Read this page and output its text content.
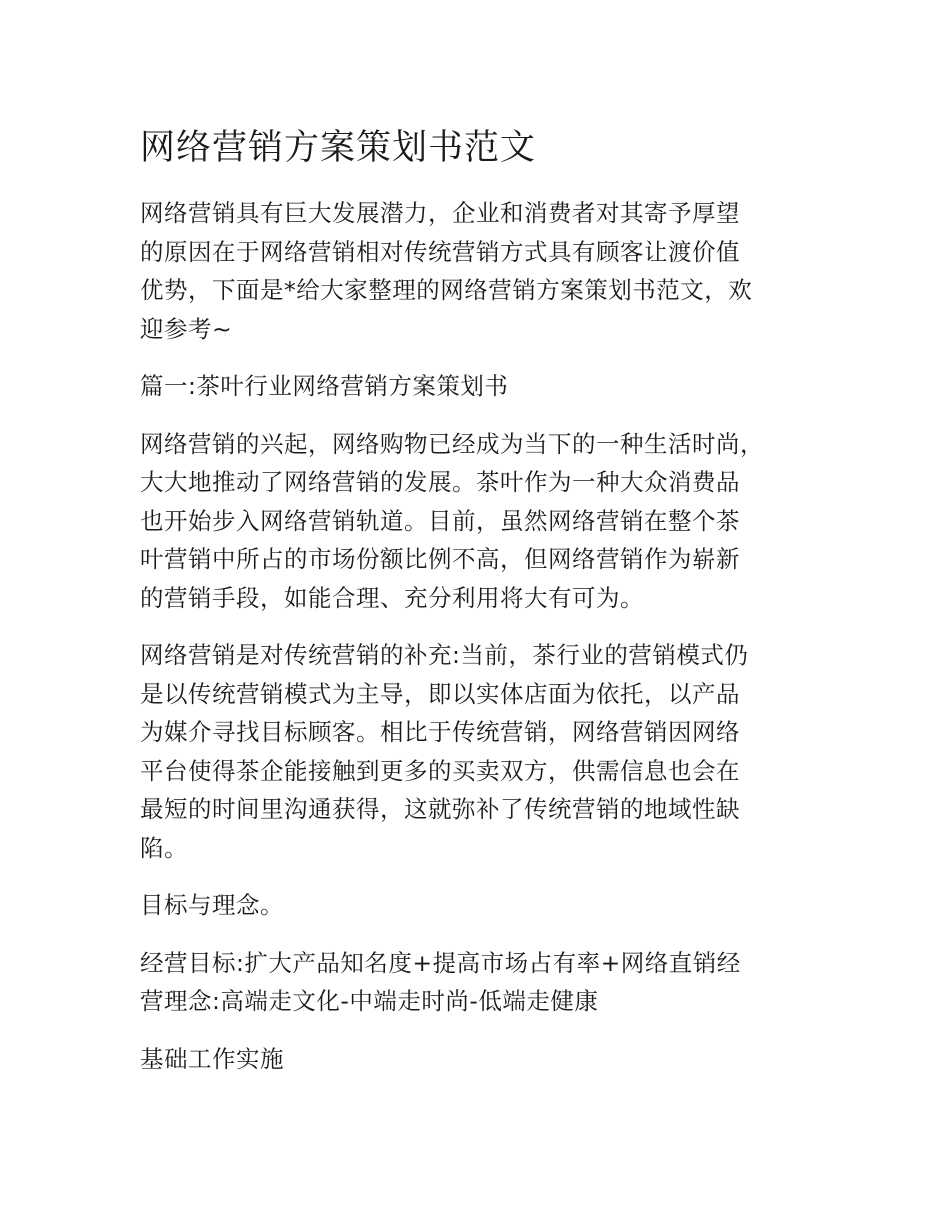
网络营销方案策划书范文

网络营销具有巨大发展潜力，企业和消费者对其寄予厚望
的原因在于网络营销相对传统营销方式具有顾客让渡价值
优势，下面是*给大家整理的网络营销方案策划书范文，欢
迎参考~

篇一:茶叶行业网络营销方案策划书

网络营销的兴起，网络购物已经成为当下的一种生活时尚，
大大地推动了网络营销的发展。茶叶作为一种大众消费品
也开始步入网络营销轨道。目前，虽然网络营销在整个茶
叶营销中所占的市场份额比例不高，但网络营销作为崭新
的营销手段，如能合理、充分利用将大有可为。

网络营销是对传统营销的补充:当前，茶行业的营销模式仍
是以传统营销模式为主导，即以实体店面为依托，以产品
为媒介寻找目标顾客。相比于传统营销，网络营销因网络
平台使得茶企能接触到更多的买卖双方，供需信息也会在
最短的时间里沟通获得，这就弥补了传统营销的地域性缺
陷。

目标与理念。

经营目标:扩大产品知名度+提高市场占有率+网络直销经
营理念:高端走文化-中端走时尚-低端走健康

基础工作实施
